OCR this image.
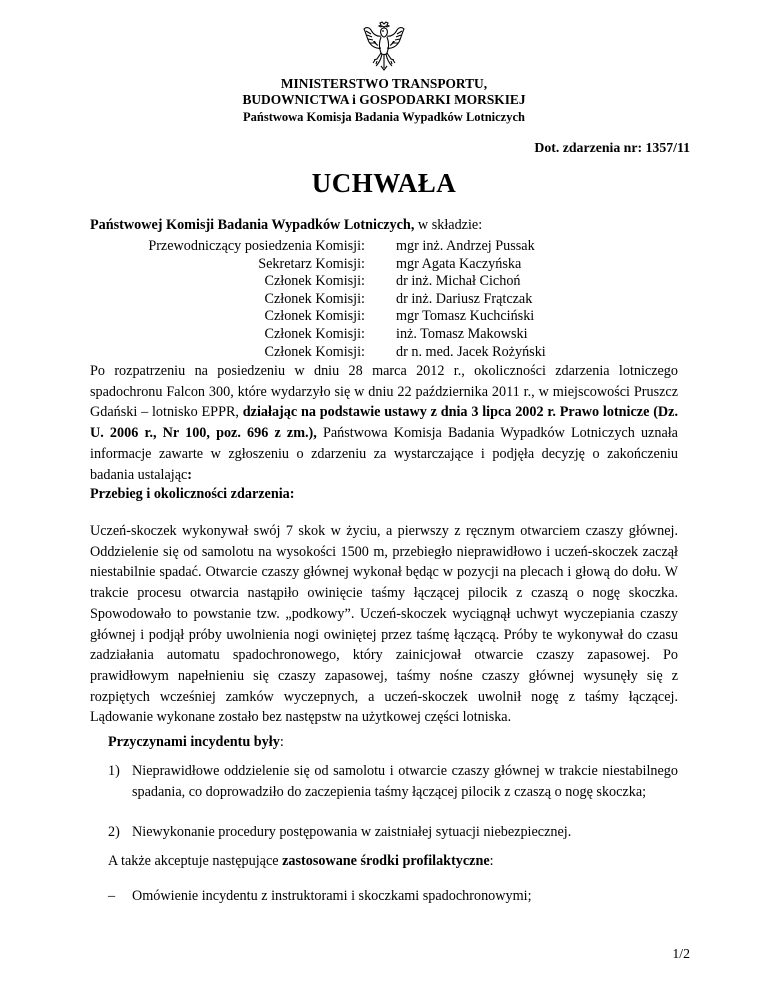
MINISTERSTWO TRANSPORTU,
BUDOWNICTWA i GOSPODARKI MORSKIEJ
Państwowa Komisja Badania Wypadków Lotniczych
Dot. zdarzenia nr: 1357/11
UCHWAŁA
Państwowej Komisji Badania Wypadków Lotniczych, w składzie:
Przewodniczący posiedzenia Komisji:	mgr inż. Andrzej Pussak
Sekretarz Komisji:	mgr Agata Kaczyńska
Członek Komisji:	dr inż. Michał Cichoń
Członek Komisji:	dr inż. Dariusz Frątczak
Członek Komisji:	mgr Tomasz Kuchciński
Członek Komisji:	inż. Tomasz Makowski
Członek Komisji:	dr n. med. Jacek Rożyński
Po rozpatrzeniu na posiedzeniu w dniu 28 marca 2012 r., okoliczności zdarzenia lotniczego spadochronu Falcon 300, które wydarzyło się w dniu 22 października 2011 r., w miejscowości Pruszcz Gdański – lotnisko EPPR, działając na podstawie ustawy z dnia 3 lipca 2002 r. Prawo lotnicze (Dz. U. 2006 r., Nr 100, poz. 696 z zm.), Państwowa Komisja Badania Wypadków Lotniczych uznała informacje zawarte w zgłoszeniu o zdarzeniu za wystarczające i podjęła decyzję o zakończeniu badania ustalając:
Przebieg i okoliczności zdarzenia:
Uczeń-skoczek wykonywał swój 7 skok w życiu, a pierwszy z ręcznym otwarciem czaszy głównej. Oddzielenie się od samolotu na wysokości 1500 m, przebiegło nieprawidłowo i uczeń-skoczek zaczął niestabilnie spadać. Otwarcie czaszy głównej wykonał będąc w pozycji na plecach i głową do dołu. W trakcie procesu otwarcia nastąpiło owinięcie taśmy łączącej pilocik z czaszą o nogę skoczka. Spowodowało to powstanie tzw. „podkowy”. Uczeń-skoczek wyciągnął uchwyt wyczepiania czaszy głównej i podjął próby uwolnienia nogi owiniętej przez taśmę łączącą. Próby te wykonywał do czasu zadziałania automatu spadochronowego, który zainicjował otwarcie czaszy zapasowej. Po prawidłowym napełnieniu się czaszy zapasowej, taśmy nośne czaszy głównej wysunęły się z rozpiętych wcześniej zamków wyczepnych, a uczeń-skoczek uwolnił nogę z taśmy łączącej. Lądowanie wykonane zostało bez następstw na użytkowej części lotniska.
Przyczynami incydentu były:
1) Nieprawidłowe oddzielenie się od samolotu i otwarcie czaszy głównej w trakcie niestabilnego spadania, co doprowadziło do zaczepienia taśmy łączącej pilocik z czaszą o nogę skoczka;
2) Niewykonanie procedury postępowania w zaistniałej sytuacji niebezpiecznej.
A także akceptuje następujące zastosowane środki profilaktyczne:
–	Omówienie incydentu z instruktorami i skoczkami spadochronowymi;
1/2
